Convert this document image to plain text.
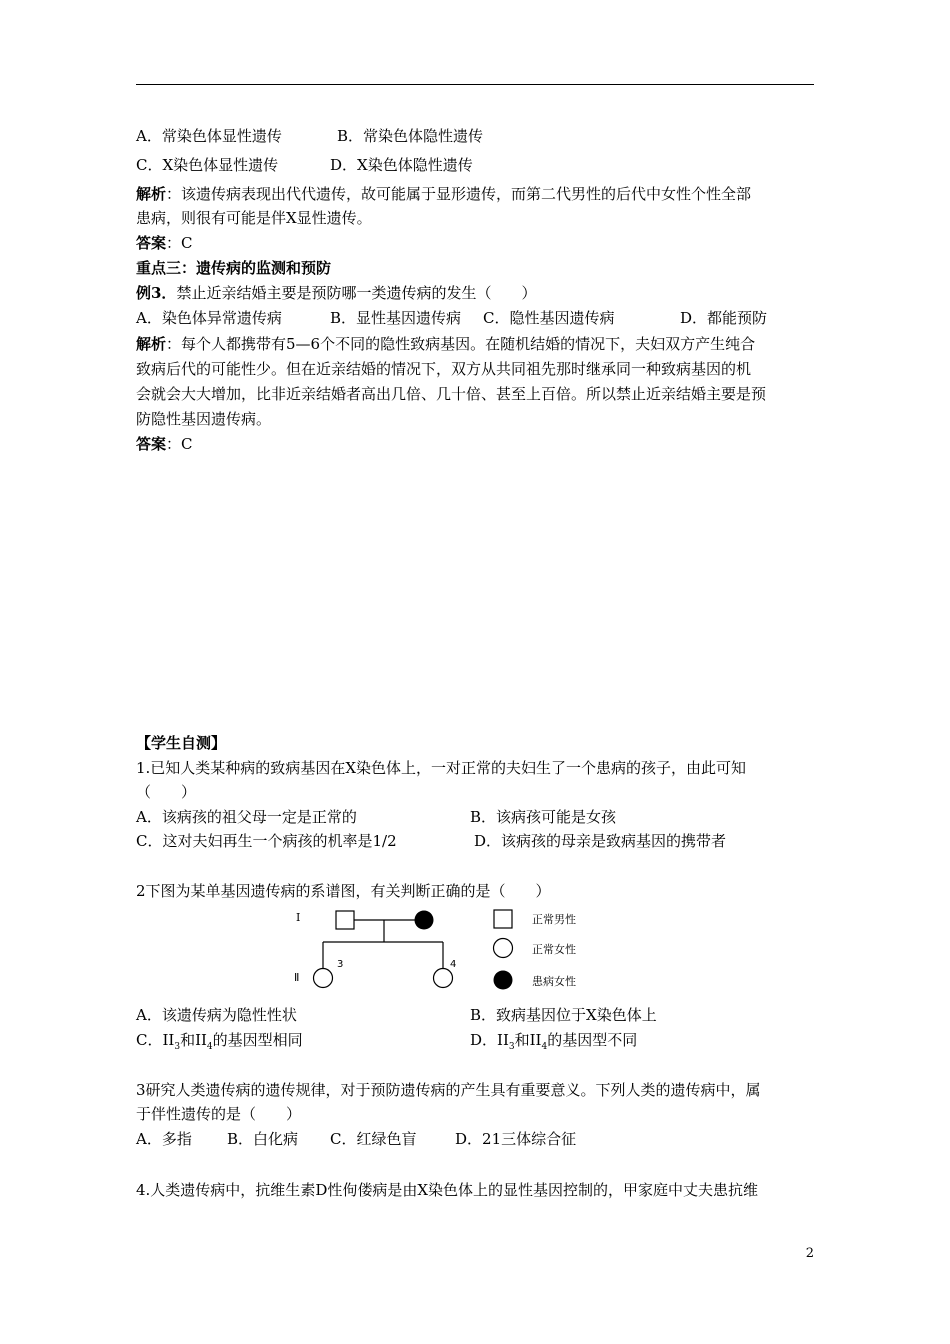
A．常染色体显性遗传	B．常染色体隐性遗传
C．X染色体显性遗传	D．X染色体隐性遗传
解析：该遗传病表现出代代遗传，故可能属于显形遗传，而第二代男性的后代中女性个性全部
患病，则很有可能是伴X显性遗传。
答案：C
重点三：遗传病的监测和预防
例3．禁止近亲结婚主要是预防哪一类遗传病的发生（　　）
A．染色体异常遗传病	B．显性基因遗传病 C．隐性基因遗传病	D．都能预防
解析：每个人都携带有5—6个不同的隐性致病基因。在随机结婚的情况下，夫妇双方产生纯合
致病后代的可能性少。但在近亲结婚的情况下，双方从共同祖先那时继承同一种致病基因的机
会就会大大增加，比非近亲结婚者高出几倍、几十倍、甚至上百倍。所以禁止近亲结婚主要是预
防隐性基因遗传病。
答案：C
【学生自测】
1.已知人类某种病的致病基因在X染色体上，一对正常的夫妇生了一个患病的孩子，由此可知
（　　）
A．该病孩的祖父母一定是正常的	B．该病孩可能是女孩
C．这对夫妇再生一个病孩的机率是1/2	D．该病孩的母亲是致病基因的携带者
2下图为某单基因遗传病的系谱图，有关判断正确的是（　　）
I
Ⅱ
3	4
正常男性
正常女性
患病女性
A．该遗传病为隐性性状	B．致病基因位于X染色体上
C．$II_3$和$II_4$的基因型相同	D．$II_3$和$II_4$的基因型不同
3研究人类遗传病的遗传规律，对于预防遗传病的产生具有重要意义。下列人类的遗传病中，属
于伴性遗传的是（　　）
A．多指 B．白化病 C．红绿色盲	D．21三体综合征
4.人类遗传病中，抗维生素D性佝偻病是由X染色体上的显性基因控制的，甲家庭中丈夫患抗维
2
